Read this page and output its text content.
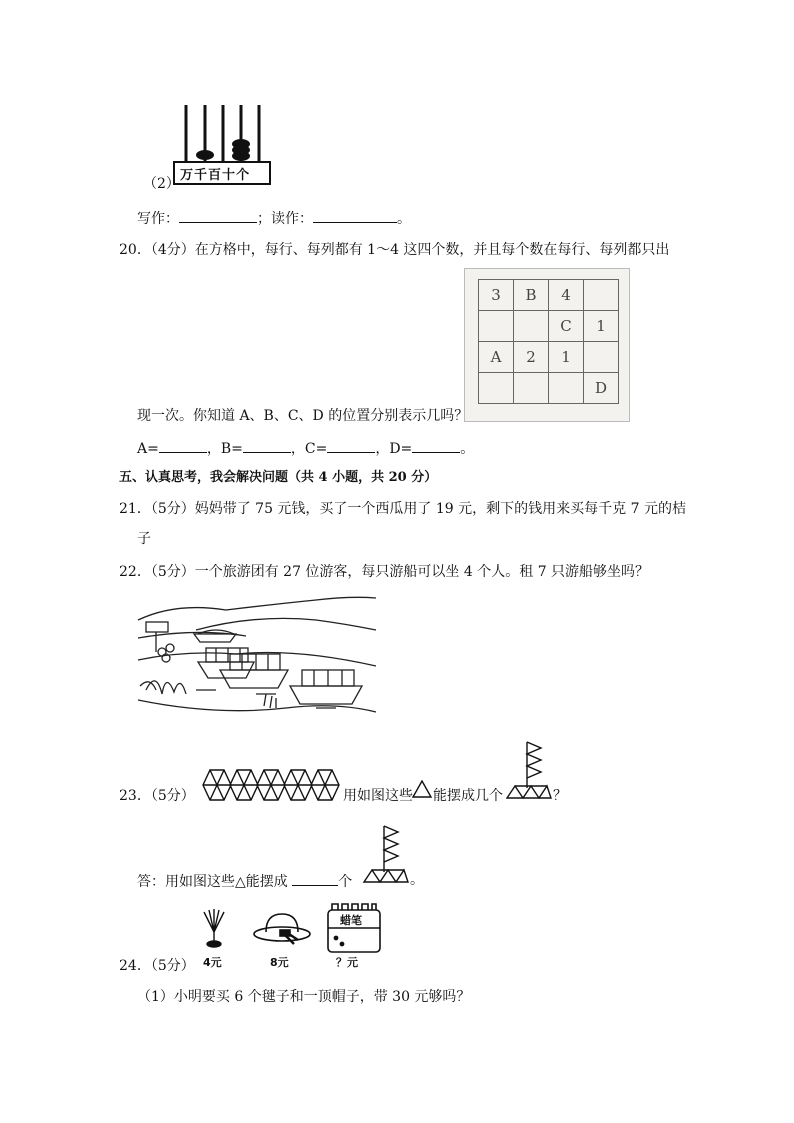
万千百十个
（2）
写作：	；读作：	。
20．（4分）在方格中，每行、每列都有 1～4 这四个数，并且每个数在每行、每列都只出
3	B	4	
		C	1
A	2	1	
			D
现一次。你知道 A、B、C、D 的位置分别表示几吗？
A=	，B=	，C=	，D=	。
五、认真思考，我会解决问题（共 4 小题，共 20 分）
21．（5分）妈妈带了 75 元钱，买了一个西瓜用了 19 元，剩下的钱用来买每千克 7 元的桔
子
22．（5分）一个旅游团有 27 位游客，每只游船可以坐 4 个人。租 7 只游船够坐吗？
23．（5分）	用如图这些 能摆成几个	？
答：用如图这些△能摆成	个	。
24．（5分） 4元	8元
蜡笔
？元
（1）小明要买 6 个毽子和一顶帽子，带 30 元够吗？
